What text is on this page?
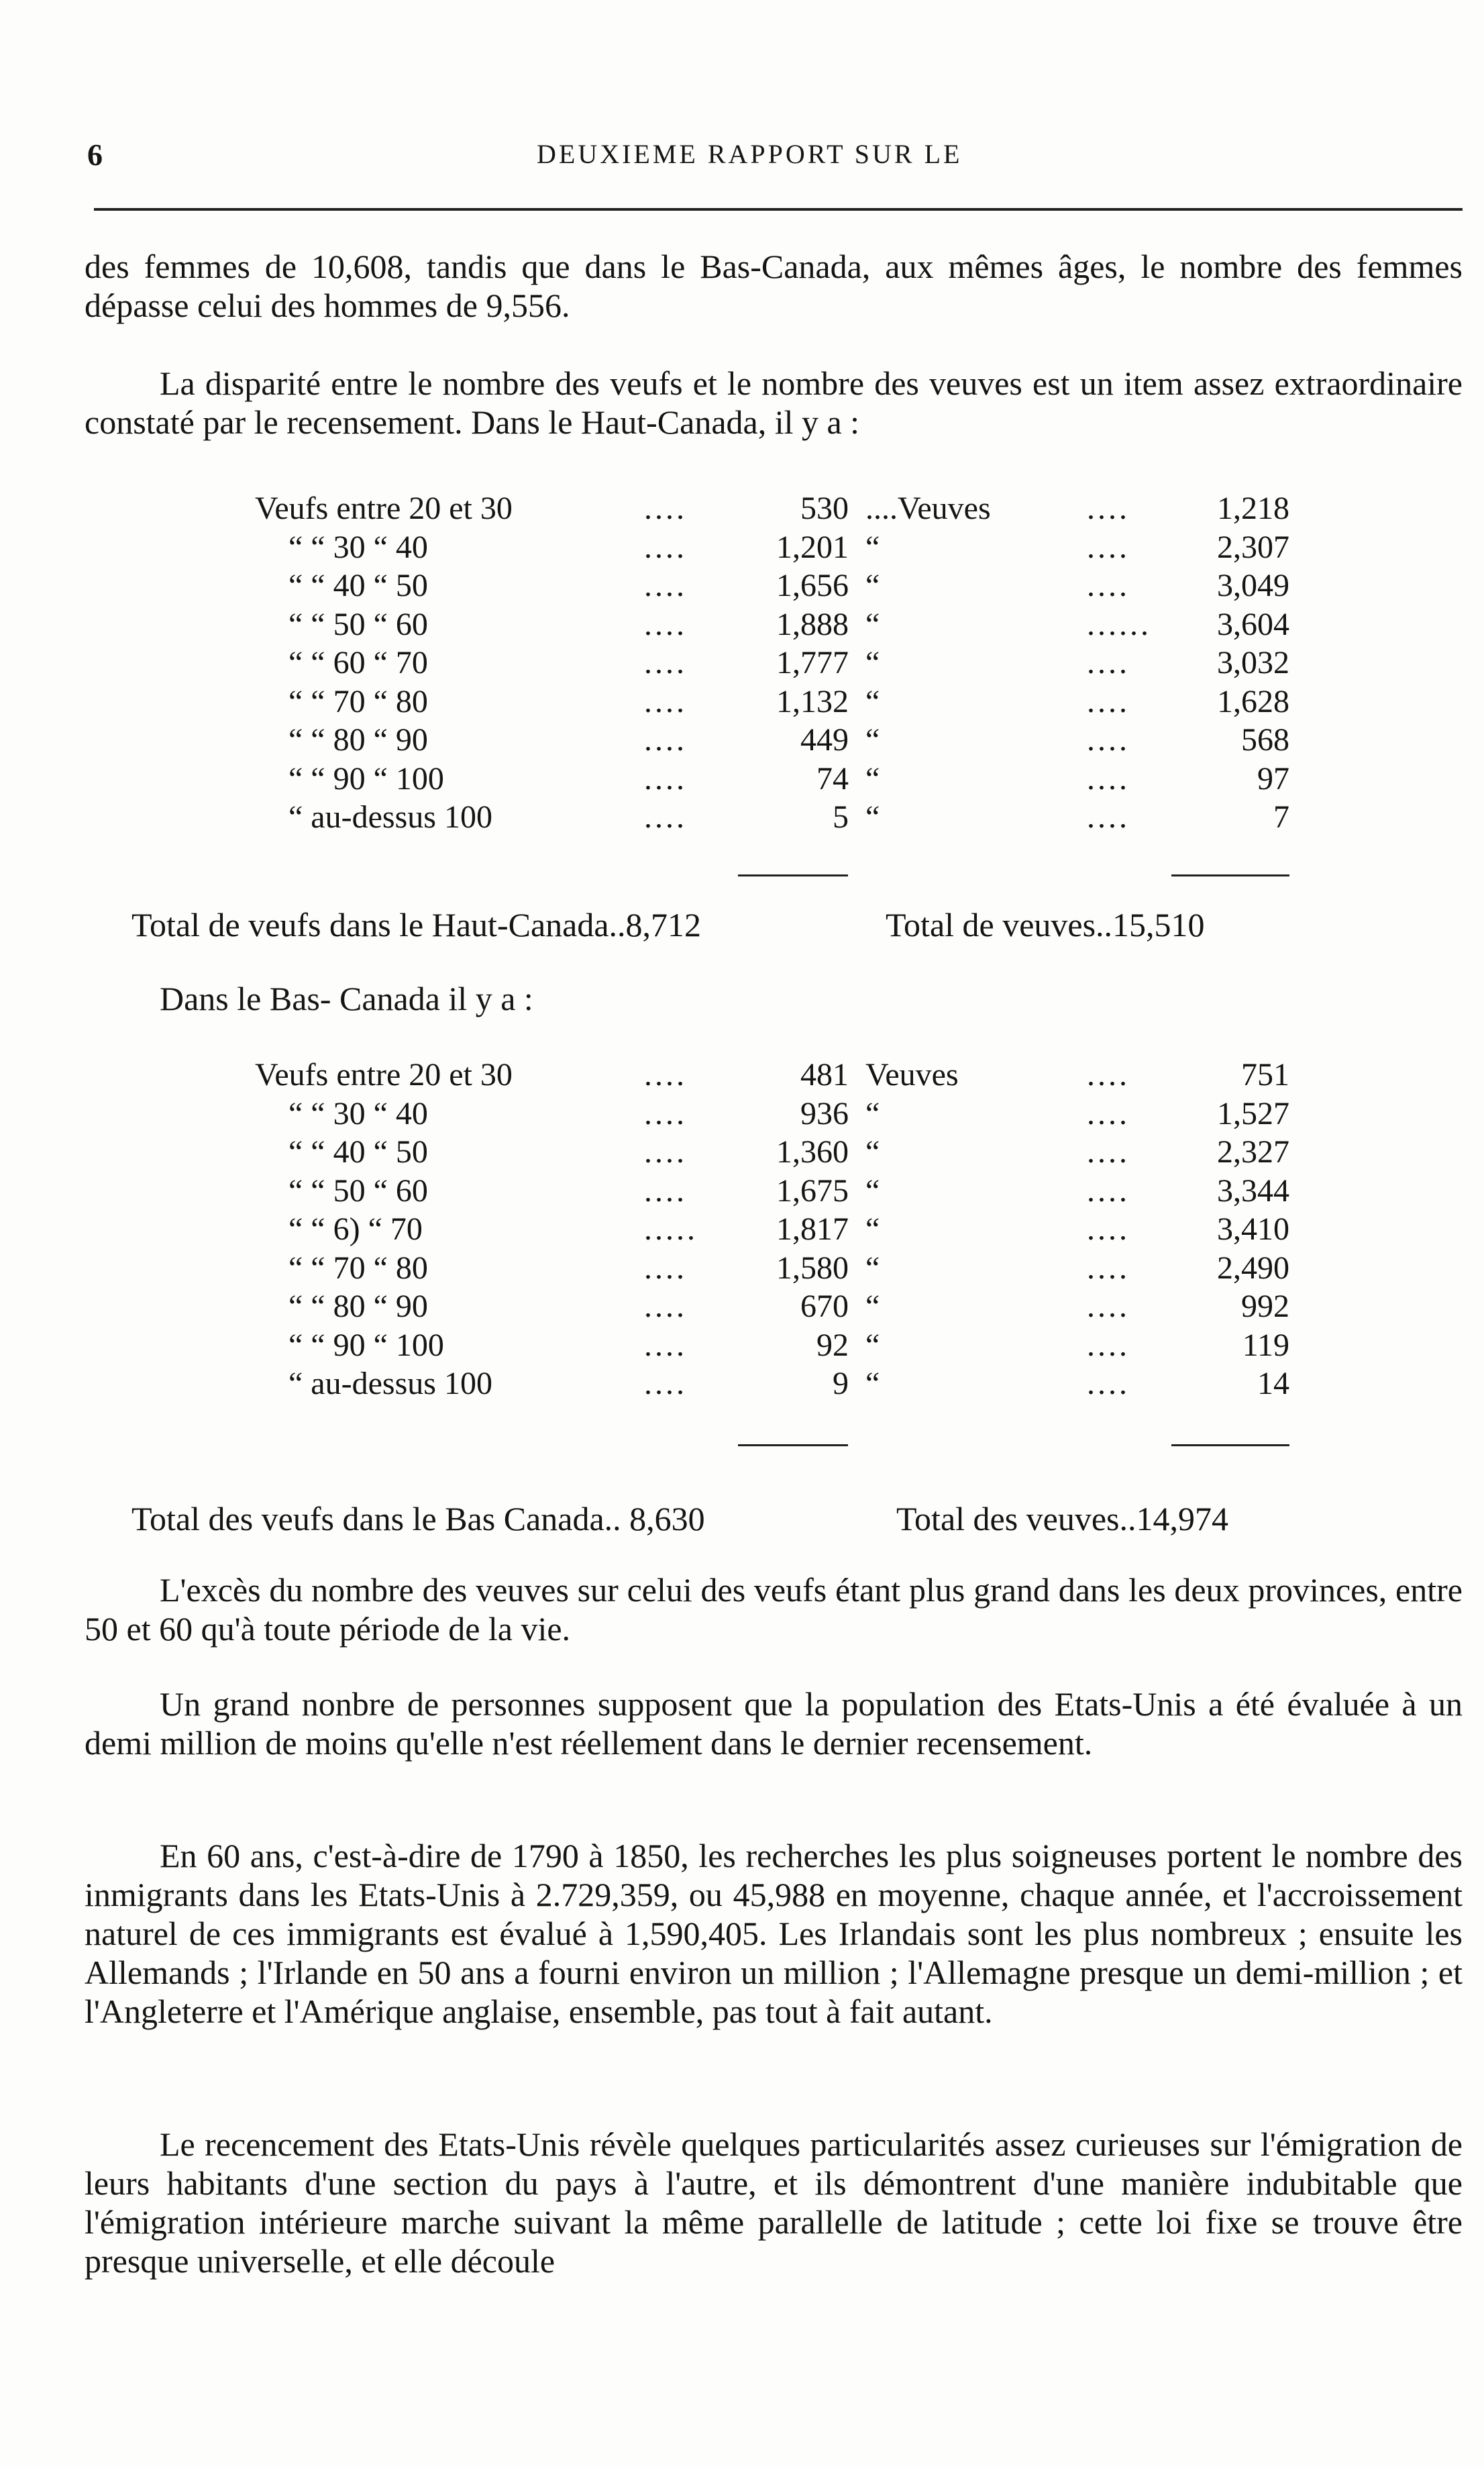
6	DEUXIEME RAPPORT SUR LE

des femmes de 10,608, tandis que dans le Bas-Canada, aux mêmes âges, le nombre des femmes dépasse celui des hommes de 9,556.

La disparité entre le nombre des veufs et le nombre des veuves est un item assez extraordinaire constaté par le recensement. Dans le Haut-Canada, il y a :

Veufs entre 20 et 30	....	530 ....Veuves	....	1,218
“ “ 30 “ 40	....	1,201 “	....	2,307
“ “ 40 “ 50	....	1,656 “	....	3,049
“ “ 50 “ 60	....	1,888 “	...... 3,604
“ “ 60 “ 70	....	1,777 “	....	3,032
“ “ 70 “ 80	....	1,132 “	....	1,628
“ “ 80 “ 90	....	449 “	....	568
“ “ 90 “ 100	....	74 “	....	97
“ au-dessus 100	....	5 “	....	7
Total de veufs dans le Haut-Canada..8,712	Total de veuves..15,510
Dans le Bas- Canada il y a :
Veufs entre 20 et 30	....	481 Veuves	....	751
“ “ 30 “ 40	....	936 “	....	1,527
“ “ 40 “ 50	....	1,360 “	....	2,327
“ “ 50 “ 60	....	1,675 “	....	3,344
“ “ 6) “ 70	..... 1,817 “	....	3,410
“ “ 70 “ 80	....	1,580 “	....	2,490
“ “ 80 “ 90	....	670 “	....	992
“ “ 90 “ 100	....	92 “	....	119
“ au-dessus 100	....	9 “	....	14
Total des veufs dans le Bas Canada.. 8,630	Total des veuves..14,974

L'excès du nombre des veuves sur celui des veufs étant plus grand dans les deux provinces, entre 50 et 60 qu'à toute période de la vie.

Un grand nonbre de personnes supposent que la population des Etats-Unis a été évaluée à un demi million de moins qu'elle n'est réellement dans le dernier recensement.

En 60 ans, c'est-à-dire de 1790 à 1850, les recherches les plus soigneuses portent le nombre des inmigrants dans les Etats-Unis à 2.729,359, ou 45,988 en moyenne, chaque année, et l'accroissement naturel de ces immigrants est évalué à 1,590,405. Les Irlandais sont les plus nombreux ; ensuite les Allemands ; l'Irlande en 50 ans a fourni environ un million ; l'Allemagne presque un demi-million ; et l'Angleterre et l'Amérique anglaise, ensemble, pas tout à fait autant.

Le recencement des Etats-Unis révèle quelques particularités assez curieuses sur l'émigration de leurs habitants d'une section du pays à l'autre, et ils démontrent d'une manière indubitable que l'émigration intérieure marche suivant la même parallelle de latitude ; cette loi fixe se trouve être presque universelle, et elle découle
